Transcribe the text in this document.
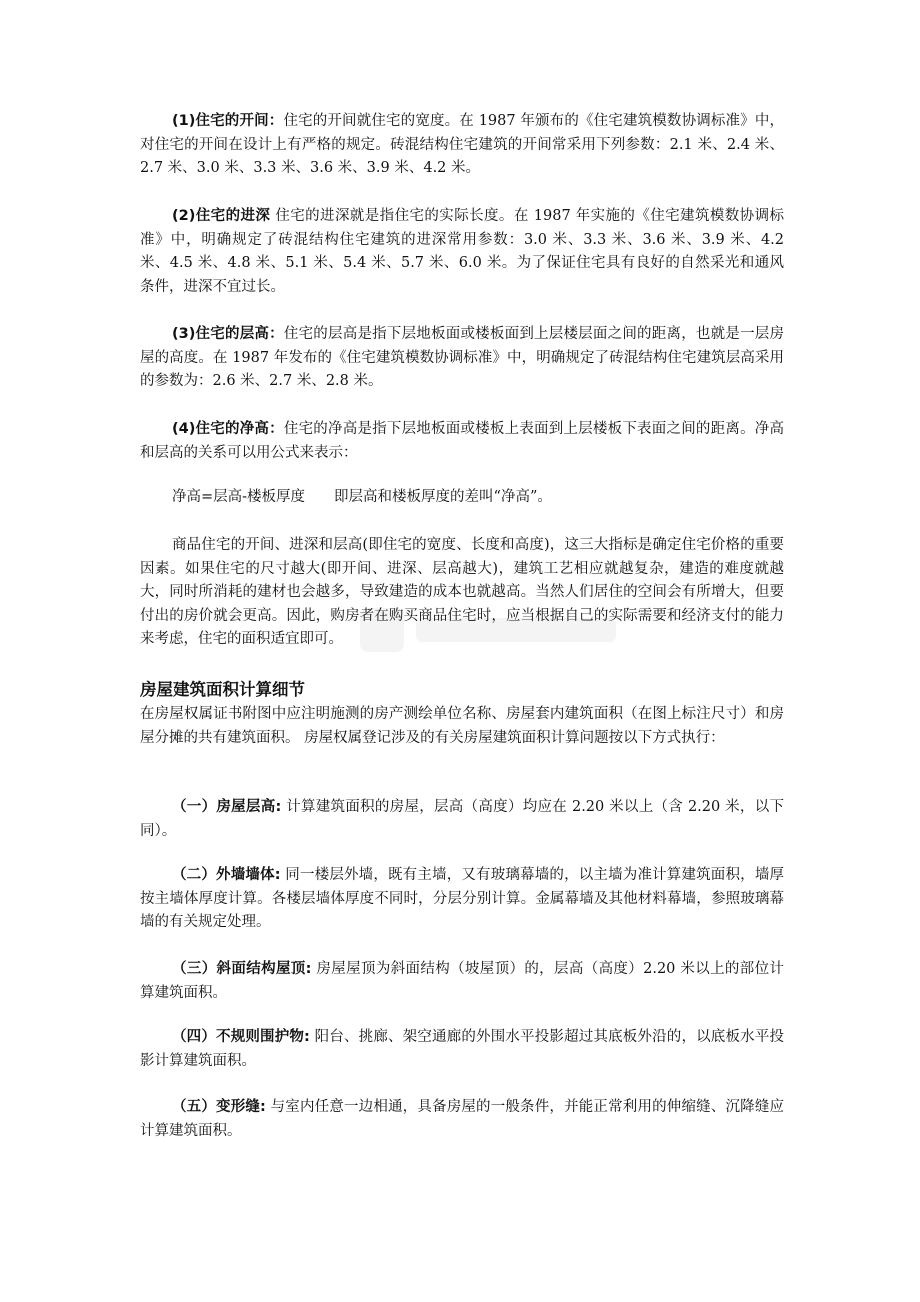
(1)住宅的开间：住宅的开间就住宅的宽度。在 1987 年颁布的《住宅建筑模数协调标准》中，对住宅的开间在设计上有严格的规定。砖混结构住宅建筑的开间常采用下列参数：2.1 米、2.4 米、2.7 米、3.0 米、3.3 米、3.6 米、3.9 米、4.2 米。

(2)住宅的进深 住宅的进深就是指住宅的实际长度。在 1987 年实施的《住宅建筑模数协调标准》中，明确规定了砖混结构住宅建筑的进深常用参数：3.0 米、3.3 米、3.6 米、3.9 米、4.2 米、4.5 米、4.8 米、5.1 米、5.4 米、5.7 米、6.0 米。为了保证住宅具有良好的自然采光和通风条件，进深不宜过长。

(3)住宅的层高：住宅的层高是指下层地板面或楼板面到上层楼层面之间的距离，也就是一层房屋的高度。在 1987 年发布的《住宅建筑模数协调标准》中，明确规定了砖混结构住宅建筑层高采用的参数为：2.6 米、2.7 米、2.8 米。

(4)住宅的净高：住宅的净高是指下层地板面或楼板上表面到上层楼板下表面之间的距离。净高和层高的关系可以用公式来表示：

净高=层高-楼板厚度　　即层高和楼板厚度的差叫“净高”。

商品住宅的开间、进深和层高(即住宅的宽度、长度和高度)，这三大指标是确定住宅价格的重要因素。如果住宅的尺寸越大(即开间、进深、层高越大)，建筑工艺相应就越复杂，建造的难度就越大，同时所消耗的建材也会越多，导致建造的成本也就越高。当然人们居住的空间会有所增大，但要付出的房价就会更高。因此，购房者在购买商品住宅时，应当根据自己的实际需要和经济支付的能力来考虑，住宅的面积适宜即可。

房屋建筑面积计算细节

在房屋权属证书附图中应注明施测的房产测绘单位名称、房屋套内建筑面积（在图上标注尺寸）和房屋分摊的共有建筑面积。 房屋权属登记涉及的有关房屋建筑面积计算问题按以下方式执行：

（一）房屋层高: 计算建筑面积的房屋，层高（高度）均应在 2.20 米以上（含 2.20 米，以下同）。

（二）外墙墙体: 同一楼层外墙，既有主墙，又有玻璃幕墙的，以主墙为准计算建筑面积，墙厚按主墙体厚度计算。各楼层墙体厚度不同时，分层分别计算。金属幕墙及其他材料幕墙，参照玻璃幕墙的有关规定处理。

（三）斜面结构屋顶: 房屋屋顶为斜面结构（坡屋顶）的，层高（高度）2.20 米以上的部位计算建筑面积。

（四）不规则围护物: 阳台、挑廊、架空通廊的外围水平投影超过其底板外沿的，以底板水平投影计算建筑面积。

（五）变形缝: 与室内任意一边相通，具备房屋的一般条件，并能正常利用的伸缩缝、沉降缝应计算建筑面积。
